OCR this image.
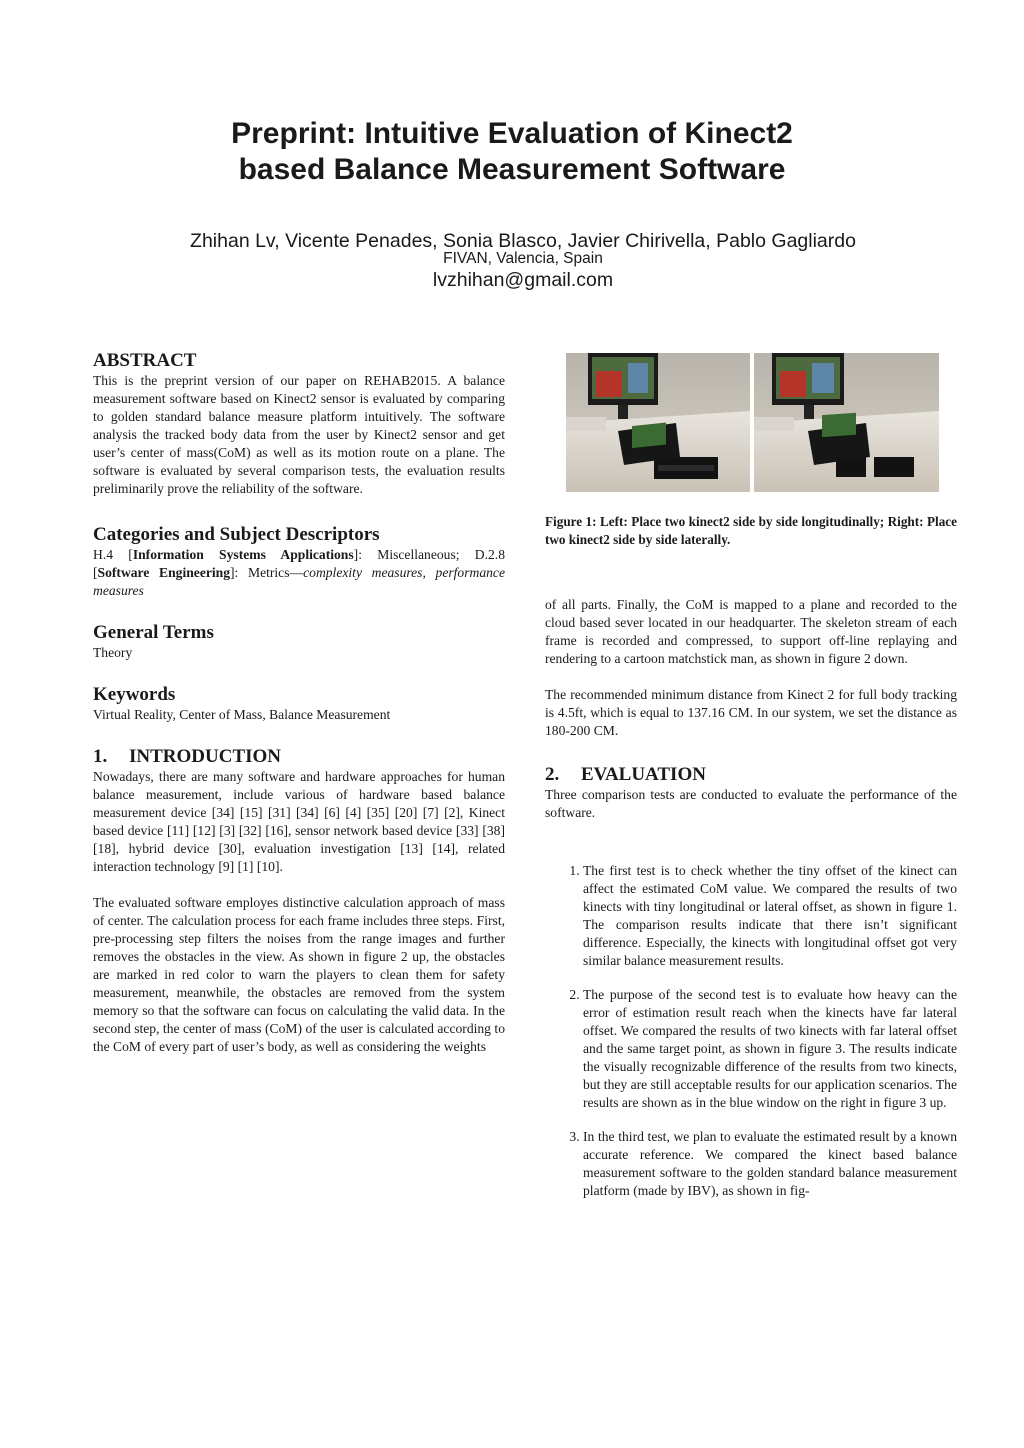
Preprint: Intuitive Evaluation of Kinect2
based Balance Measurement Software
Zhihan Lv, Vicente Penades, Sonia Blasco, Javier Chirivella, Pablo Gagliardo
FIVAN, Valencia, Spain
lvzhihan@gmail.com
ABSTRACT

This is the preprint version of our paper on REHAB2015. A balance measurement software based on Kinect2 sensor is evaluated by comparing to golden standard balance measure platform intuitively. The software analysis the tracked body data from the user by Kinect2 sensor and get user’s center of mass(CoM) as well as its motion route on a plane. The software is evaluated by several comparison tests, the evaluation results preliminarily prove the reliability of the software.

Categories and Subject Descriptors

H.4 [Information Systems Applications]: Miscellaneous; D.2.8 [Software Engineering]: Metrics—complexity measures, performance measures

General Terms

Theory

Keywords

Virtual Reality, Center of Mass, Balance Measurement

1. INTRODUCTION

Nowadays, there are many software and hardware approaches for human balance measurement, include various of hardware based balance measurement device [34] [15] [31] [34] [6] [4] [35] [20] [7] [2], Kinect based device [11] [12] [3] [32] [16], sensor network based device [33] [38] [18], hybrid device [30], evaluation investigation [13] [14], related interaction technology [9] [1] [10].

The evaluated software employes distinctive calculation approach of mass of center. The calculation process for each frame includes three steps. First, pre-processing step filters the noises from the range images and further removes the obstacles in the view. As shown in figure 2 up, the obstacles are marked in red color to warn the players to clean them for safety measurement, meanwhile, the obstacles are removed from the system memory so that the software can focus on calculating the valid data. In the second step, the center of mass (CoM) of the user is calculated according to the CoM of every part of user’s body, as well as considering the weights

Figure 1: Left: Place two kinect2 side by side longitudinally; Right: Place two kinect2 side by side laterally.

of all parts. Finally, the CoM is mapped to a plane and recorded to the cloud based sever located in our headquarter. The skeleton stream of each frame is recorded and compressed, to support off-line replaying and rendering to a cartoon matchstick man, as shown in figure 2 down.

The recommended minimum distance from Kinect 2 for full body tracking is 4.5ft, which is equal to 137.16 CM. In our system, we set the distance as 180-200 CM.

2. EVALUATION

Three comparison tests are conducted to evaluate the performance of the software.

1. The first test is to check whether the tiny offset of the kinect can affect the estimated CoM value. We compared the results of two kinects with tiny longitudinal or lateral offset, as shown in figure 1. The comparison results indicate that there isn’t significant difference. Especially, the kinects with longitudinal offset got very similar balance measurement results.
2. The purpose of the second test is to evaluate how heavy can the error of estimation result reach when the kinects have far lateral offset. We compared the results of two kinects with far lateral offset and the same target point, as shown in figure 3. The results indicate the visually recognizable difference of the results from two kinects, but they are still acceptable results for our application scenarios. The results are shown as in the blue window on the right in figure 3 up.
3. In the third test, we plan to evaluate the estimated result by a known accurate reference. We compared the kinect based balance measurement software to the golden standard balance measurement platform (made by IBV), as shown in fig-
